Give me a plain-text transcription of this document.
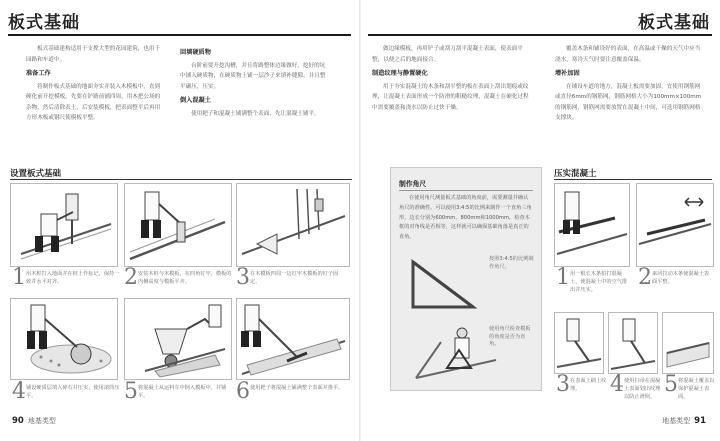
板式基础

板式基础建构适用于支撑大型的花园建筑，也用于园路和车道中。

准备工作

将制作板式基础的地面夯实并装入木模板中，直到硬化前开挖模板，先要在铲路前铺四周，用木把公场的杂物，然后清除表土，后安装模板，把表面整平后再用方形木板或钢尺使模板平整。

回填硬质物

台阶前要开挖沟槽，并且将路整体边缘做好，挖好的坑中铺入硬质物，在硬质物上铺一层沙子来填补缝隙，并且整平碾压，压实。

倒入混凝土

使用耙子和混凝土铺满整个表面，先让混凝土铺平。

设置板式基础
1 用木桩打入地面并在桩上作标记，保持一致并水平对齐。	2 安装木桩与木模板，在四角钉牢，模板的内侧高度与模板平齐。	3 在木模板四周一边钉牢木模板的钉子固定。
4 铺设硬质层填入碎石并压实，使用滚筒压平。	5 将混凝土从运料车中倒入模板中，并铺平。	6 使用耙子将混凝土铺满整个表面并推平。
90 地基类型
板式基础

做边缘模板，再用铲子或刮刀刮平混凝土表面，使表面平整，以便之后的地面接合。

制造纹理与静置硬化

用于夯实混凝土的木条和刮平整的板在表面上刮出划痕或纹理，让混凝土表面形成一个防滑的粗糙纹理，混凝土在硬化过程中需要覆盖和浇水以防止过快干燥。

覆盖木条和铺设好的表面，在高温或干燥的天气中应当浇水，寒冷天气时要注意覆盖保温。

增补加固

在铺设车道的地方，混凝土板需要加固，宜使用钢筋网或直径6mm的钢筋网，钢筋网格大小为100mm×100mm的钢筋网，钢筋网需要放置在混凝土中间，可选用钢筋网格支撑块。

制作角尺
在使用角尺测量板式基础的角度前，需要测量并确认角尺的准确性。可以使用3:4:5的比例来制作一个直角三角形，边长分别为600mm、800mm和1000mm，检查木框的对角线是否相等，这样就可以确保基础角落是真正的直角。
按照3:4:5的比例制作角尺。
使用角尺检查模板的角度是否为直角。
压实混凝土
1 用一根长木条拍打混凝土，使混凝土中的空气排出并压实。	2 来回拉动木条使混凝土表面平整。
3 在表面上刷上纹理。	4 使用扫帚在混凝土表面划出纹理以防止滑倒。 5 将混凝土覆盖以保护混凝土表面。
地基类型 91
